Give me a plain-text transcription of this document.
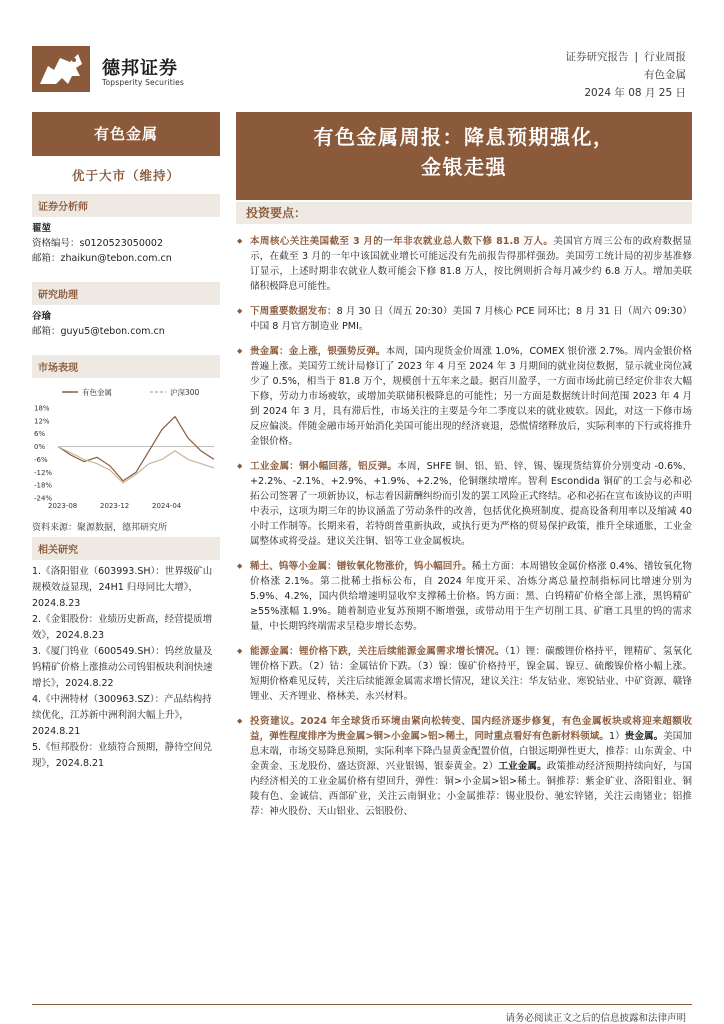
德邦证券
Topsperity Securities
证券研究报告 | 行业周报
有色金属
2024 年 08 月 25 日
有色金属
优于大市（维持）
证券分析师
翟堃
资格编号：s0120523050002
邮箱：zhaikun@tebon.com.cn
研究助理
谷瑜
邮箱：guyu5@tebon.com.cn
市场表现
有色金属	沪深300
18%
12%
6%
0%
-6%
-12%
-18%
-24%
2023-08	2023-12	2024-04
资料来源：聚源数据，德邦研究所
相关研究
1.《洛阳钼业（603993.SH）：世界级矿山规模效益显现，24H1 归母同比大增》，2024.8.23
2.《金钼股份：业绩历史新高，经营提质增效》，2024.8.23
3.《厦门钨业（600549.SH）：钨丝放量及钨精矿价格上涨推动公司钨钼板块利润快速增长》，2024.8.22
4.《中洲特材（300963.SZ）：产品结构持续优化，江苏新中洲利润大幅上升》，2024.8.21
5.《恒邦股份：业绩符合预期，静待空间兑现》，2024.8.21
有色金属周报：降息预期强化，
金银走强
投资要点：
◆ 本周核心关注美国截至 3 月的一年非农就业总人数下修 81.8 万人。美国官方周三公布的政府数据显示，在截至 3 月的一年中该国就业增长可能远没有先前报告得那样强劲。美国劳工统计局的初步基准修订显示，上述时期非农就业人数可能会下修 81.8 万人，按比例则折合每月减少约 6.8 万人。增加美联储积极降息可能性。
◆ 下周重要数据发布：8 月 30 日（周五 20:30）美国 7 月核心 PCE 同环比；8 月 31 日（周六 09:30）中国 8 月官方制造业 PMI。
◆ 贵金属：金上涨，银强势反弹。本周，国内现货金价周涨 1.0%，COMEX 银价涨 2.7%。周内金银价格普遍上涨。美国劳工统计局修订了 2023 年 4 月至 2024 年 3 月期间的就业岗位数据，显示就业岗位减少了 0.5%，相当于 81.8 万个，规模创十五年来之最。据百川盈孚，一方面市场此前已经定价非农大幅下修，劳动力市场疲软，或增加美联储积极降息的可能性；另一方面是数据统计时间范围 2023 年 4 月到 2024 年 3 月，具有滞后性，市场关注的主要是今年二季度以来的就业疲软。因此，对这一下修市场反应偏淡。伴随金融市场开始消化美国可能出现的经济衰退，恐慌情绪释放后，实际利率的下行或将推升金银价格。
◆ 工业金属：铜小幅回落，铝反弹。本周，SHFE 铜、铝、铅、锌、锡、镍现货结算价分别变动 -0.6%、+2.2%、-2.1%、+2.9%、+1.9%、+2.2%，伦铜继续增库。智利 Escondida 铜矿的工会与必和必拓公司签署了一项新协议，标志着因薪酬纠纷而引发的罢工风险正式终结。必和必拓在宣布该协议的声明中表示，这项为期三年的协议涵盖了劳动条件的改善，包括优化换班制度、提高设备利用率以及缩减 40 小时工作制等。长期来看，若特朗普重新执政，或执行更为严格的贸易保护政策，推升全球通胀，工业金属整体或将受益。建议关注铜、铝等工业金属板块。
◆ 稀土、钨等小金属：镨钕氧化物涨价，钨小幅回升。稀土方面：本周镨钕金属价格涨 0.4%、镨钕氧化物价格涨 2.1%。第二批稀土指标公布，自 2024 年度开采、冶炼分离总量控制指标同比增速分别为 5.9%、4.2%，国内供给增速明显收窄支撑稀土价格。钨方面：黑、白钨精矿价格全部上涨，黑钨精矿≥55%涨幅 1.9%。随着制造业复苏预期不断增强，或带动用于生产切削工具、矿磨工具里的钨的需求量，中长期钨终端需求呈稳步增长态势。
◆ 能源金属：锂价格下跌，关注后续能源金属需求增长情况。（1）锂：碳酸锂价格持平，锂精矿、氢氧化锂价格下跌。（2）钴：金属钴价下跌。（3）镍：镍矿价格持平，镍金属、镍豆、硫酸镍价格小幅上涨。短期价格难见反转，关注后续能源金属需求增长情况，建议关注：华友钴业、寒锐钴业、中矿资源、赣锋锂业、天齐锂业、格林美、永兴材料。
◆ 投资建议。2024 年全球货币环境由紧向松转变、国内经济逐步修复，有色金属板块或将迎来超额收益，弹性程度排序为贵金属>铜>小金属>铝>稀土，同时重点看好有色新材料领域。1）贵金属。美国加息末端，市场交易降息预期，实际利率下降凸显黄金配置价值，白银远期弹性更大，推荐：山东黄金、中金黄金、玉龙股份、盛达资源、兴业银锡、银泰黄金。2）工业金属。政策推动经济预期持续向好，与国内经济相关的工业金属价格有望回升，弹性：铜>小金属>铝>稀土。铜推荐：紫金矿业、洛阳钼业、铜陵有色、金诚信、西部矿业，关注云南铜业；小金属推荐：锡业股份、驰宏锌锗，关注云南锗业；铝推荐：神火股份、天山铝业、云铝股份、
请务必阅读正文之后的信息披露和法律声明
